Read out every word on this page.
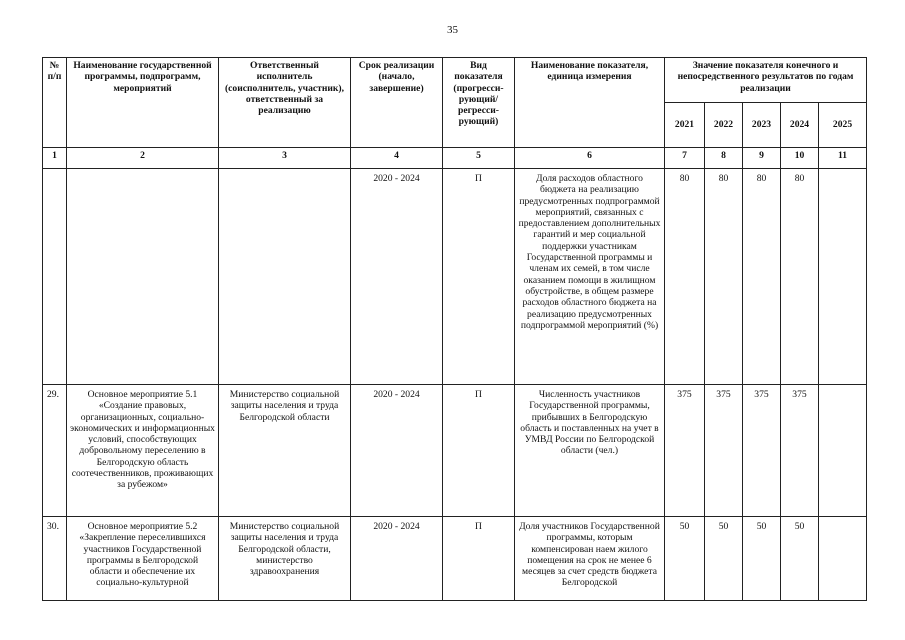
35
№ п/п	Наименование государственной программы, подпрограмм, мероприятий	Ответственный исполнитель (соисполнитель, участник), ответственный за реализацию	Срок реализации (начало, завершение)	Вид показателя (прогресси-рующий/ регресси-рующий)	Наименование показателя, единица измерения	Значение показателя конечного и непосредственного результатов по годам реализации				
						2021	2022	2023	2024	2025
1	2	3	4	5	6	7	8	9	10	11
			2020 - 2024	П	Доля расходов областного бюджета на реализацию предусмотренных подпрограммой мероприятий, связанных с предоставлением дополнительных гарантий и мер социальной поддержки участникам Государственной программы и членам их семей, в том числе оказанием помощи в жилищном обустройстве, в общем размере расходов областного бюджета на реализацию предусмотренных подпрограммой мероприятий (%)	80	80	80	80	
29.	Основное мероприятие 5.1 «Создание правовых, организационных, социально-экономических и информационных условий, способствующих добровольному переселению в Белгородскую область соотечественников, проживающих за рубежом»	Министерство социальной защиты населения и труда Белгородской области	2020 - 2024	П	Численность участников Государственной программы, прибывших в Белгородскую область и поставленных на учет в УМВД России по Белгородской области (чел.)	375	375	375	375	
30.	Основное мероприятие 5.2 «Закрепление переселившихся участников Государственной программы в Белгородской области и обеспечение их социально-культурной	Министерство социальной защиты населения и труда Белгородской области, министерство здравоохранения	2020 - 2024	П	Доля участников Государственной программы, которым компенсирован наем жилого помещения на срок не менее 6 месяцев за счет средств бюджета Белгородской	50	50	50	50	
